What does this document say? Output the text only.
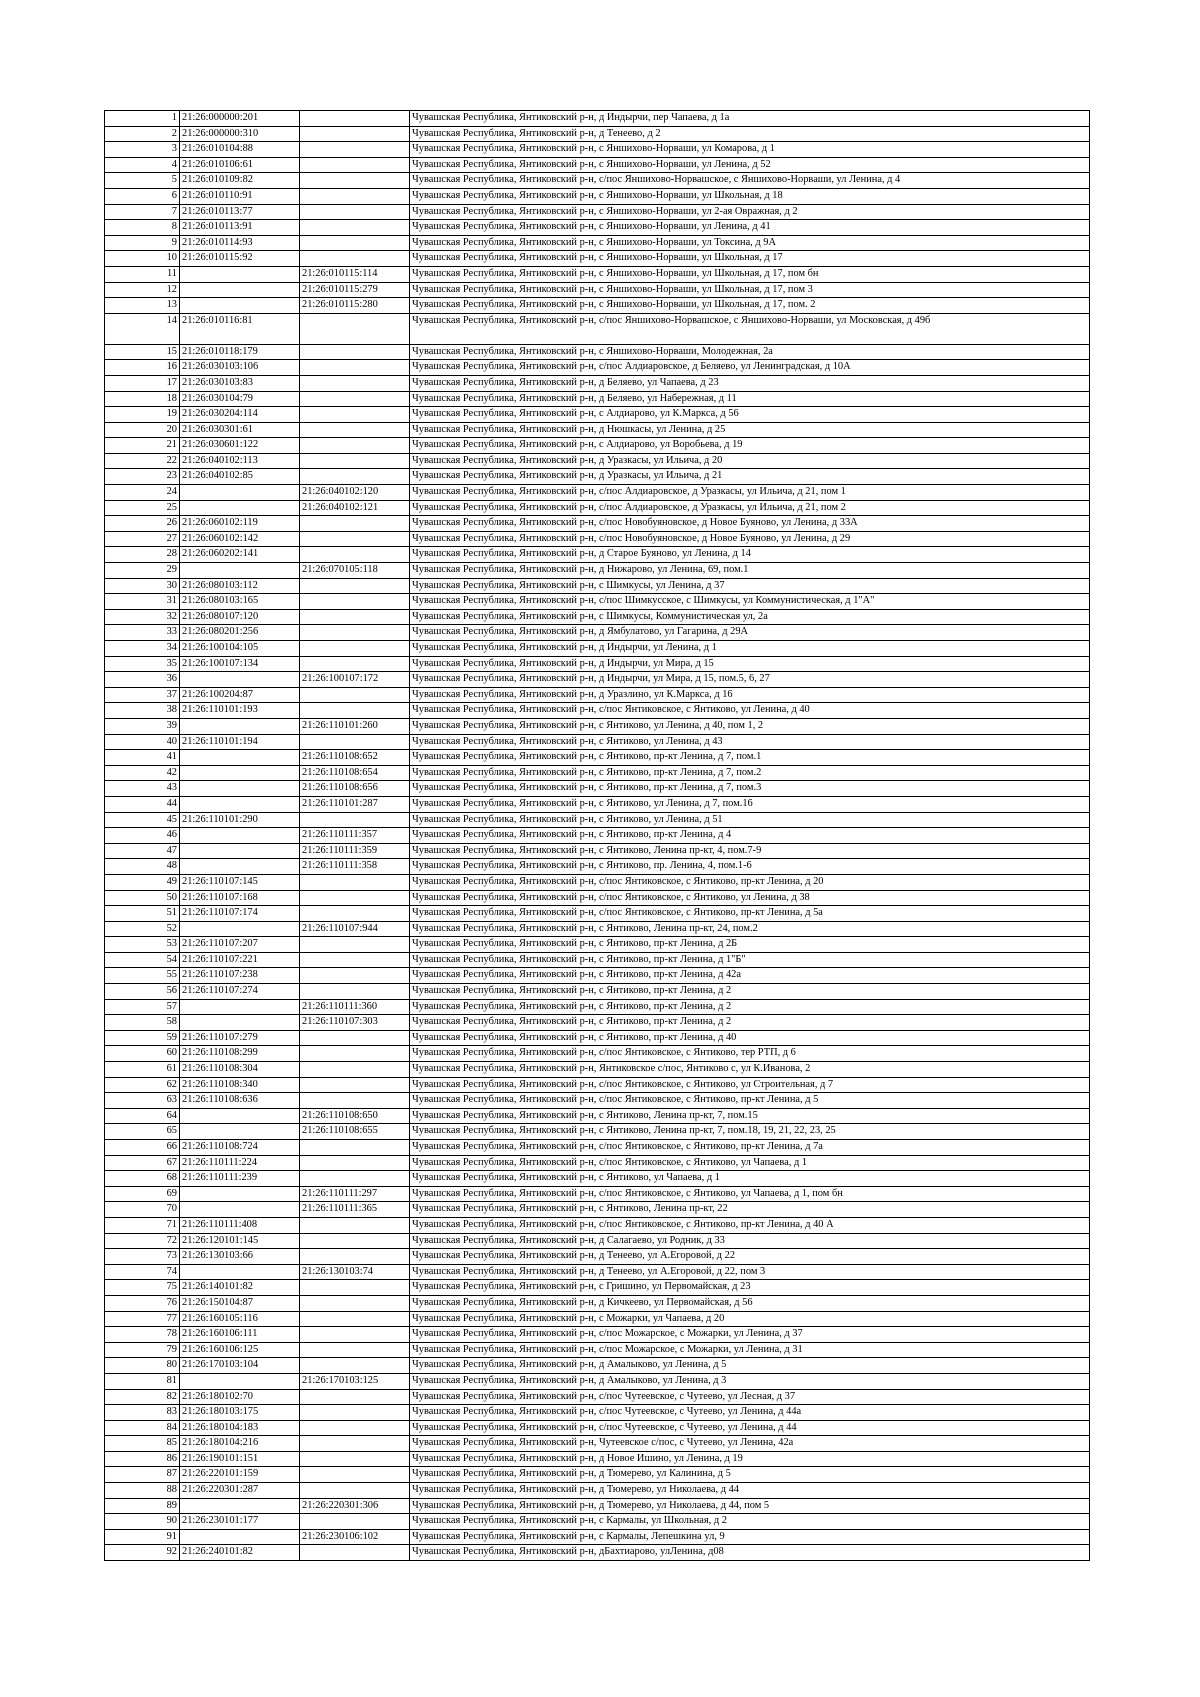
1	21:26:000000:201		Чувашская Республика, Янтиковский р-н, д Индырчи, пер Чапаева, д 1а
2	21:26:000000:310		Чувашская Республика, Янтиковский р-н, д Тенеево, д 2
3	21:26:010104:88		Чувашская Республика, Янтиковский р-н, с Яншихово-Норваши, ул Комарова, д 1
4	21:26:010106:61		Чувашская Республика, Янтиковский р-н, с Яншихово-Норваши, ул Ленина, д 52
5	21:26:010109:82		Чувашская Республика, Янтиковский р-н, с/пос Яншихово-Норвашское, с Яншихово-Норваши, ул Ленина, д 4
6	21:26:010110:91		Чувашская Республика, Янтиковский р-н, с Яншихово-Норваши, ул Школьная, д 18
7	21:26:010113:77		Чувашская Республика, Янтиковский р-н, с Яншихово-Норваши, ул 2-ая Овражная, д 2
8	21:26:010113:91		Чувашская Республика, Янтиковский р-н, с Яншихово-Норваши, ул Ленина, д 41
9	21:26:010114:93		Чувашская Республика, Янтиковский р-н, с Яншихово-Норваши, ул Токсина, д 9А
10	21:26:010115:92		Чувашская Республика, Янтиковский р-н, с Яншихово-Норваши, ул Школьная, д 17
11		21:26:010115:114	Чувашская Республика, Янтиковский р-н, с Яншихово-Норваши, ул Школьная, д 17, пом бн
12		21:26:010115:279	Чувашская Республика, Янтиковский р-н, с Яншихово-Норваши, ул Школьная, д 17, пом 3
13		21:26:010115:280	Чувашская Республика, Янтиковский р-н, с Яншихово-Норваши, ул Школьная, д 17, пом. 2
14	21:26:010116:81		Чувашская Республика, Янтиковский р-н, с/пос Яншихово-Норвашское, с Яншихово-Норваши, ул Московская, д 49б
15	21:26:010118:179		Чувашская Республика, Янтиковский р-н, с Яншихово-Норваши, Молодежная, 2а
16	21:26:030103:106		Чувашская Республика, Янтиковский р-н, с/пос Алдиаровское, д Беляево, ул Ленинградская, д 10А
17	21:26:030103:83		Чувашская Республика, Янтиковский р-н, д Беляево, ул Чапаева, д 23
18	21:26:030104:79		Чувашская Республика, Янтиковский р-н, д Беляево, ул Набережная, д 11
19	21:26:030204:114		Чувашская Республика, Янтиковский р-н, с Алдиарово, ул К.Маркса, д 56
20	21:26:030301:61		Чувашская Республика, Янтиковский р-н, д Нюшкасы, ул Ленина, д 25
21	21:26:030601:122		Чувашская Республика, Янтиковский р-н, с Алдиарово, ул Воробьева, д 19
22	21:26:040102:113		Чувашская Республика, Янтиковский р-н, д Уразкасы, ул Ильича, д 20
23	21:26:040102:85		Чувашская Республика, Янтиковский р-н, д Уразкасы, ул Ильича, д 21
24		21:26:040102:120	Чувашская Республика, Янтиковский р-н, с/пос Алдиаровское, д Уразкасы, ул Ильича, д 21, пом 1
25		21:26:040102:121	Чувашская Республика, Янтиковский р-н, с/пос Алдиаровское, д Уразкасы, ул Ильича, д 21, пом 2
26	21:26:060102:119		Чувашская Республика, Янтиковский р-н, с/пос Новобуяновское, д Новое Буяново, ул Ленина, д 33А
27	21:26:060102:142		Чувашская Республика, Янтиковский р-н, с/пос Новобуяновское, д Новое Буяново, ул Ленина, д 29
28	21:26:060202:141		Чувашская Республика, Янтиковский р-н, д Старое Буяново, ул Ленина, д 14
29		21:26:070105:118	Чувашская Республика, Янтиковский р-н, д Нижарово, ул Ленина, 69, пом.1
30	21:26:080103:112		Чувашская Республика, Янтиковский р-н, с Шимкусы, ул Ленина, д 37
31	21:26:080103:165		Чувашская Республика, Янтиковский р-н, с/пос Шимкусское, с Шимкусы, ул Коммунистическая, д 1"А"
32	21:26:080107:120		Чувашская Республика, Янтиковский р-н, с Шимкусы, Коммунистическая ул, 2а
33	21:26:080201:256		Чувашская Республика, Янтиковский р-н, д Ямбулатово, ул Гагарина, д 29А
34	21:26:100104:105		Чувашская Республика, Янтиковский р-н, д Индырчи, ул Ленина, д 1
35	21:26:100107:134		Чувашская Республика, Янтиковский р-н, д Индырчи, ул Мира, д 15
36		21:26:100107:172	Чувашская Республика, Янтиковский р-н, д Индырчи, ул Мира, д 15, пом.5, 6, 27
37	21:26:100204:87		Чувашская Республика, Янтиковский р-н, д Уразлино, ул К.Маркса, д 16
38	21:26:110101:193		Чувашская Республика, Янтиковский р-н, с/пос Янтиковское, с Янтиково, ул Ленина, д 40
39		21:26:110101:260	Чувашская Республика, Янтиковский р-н, с Янтиково, ул Ленина, д 40, пом 1, 2
40	21:26:110101:194		Чувашская Республика, Янтиковский р-н, с Янтиково, ул Ленина, д 43
41		21:26:110108:652	Чувашская Республика, Янтиковский р-н, с Янтиково, пр-кт Ленина, д 7, пом.1
42		21:26:110108:654	Чувашская Республика, Янтиковский р-н, с Янтиково, пр-кт Ленина, д 7, пом.2
43		21:26:110108:656	Чувашская Республика, Янтиковский р-н, с Янтиково, пр-кт Ленина, д 7, пом.3
44		21:26:110101:287	Чувашская Республика, Янтиковский р-н, с Янтиково, ул Ленина, д 7, пом.16
45	21:26:110101:290		Чувашская Республика, Янтиковский р-н, с Янтиково, ул Ленина, д 51
46		21:26:110111:357	Чувашская Республика, Янтиковский р-н, с Янтиково, пр-кт Ленина, д 4
47		21:26:110111:359	Чувашская Республика, Янтиковский р-н, с Янтиково, Ленина пр-кт, 4, пом.7-9
48		21:26:110111:358	Чувашская Республика, Янтиковский р-н, с Янтиково, пр. Ленина, 4, пом.1-6
49	21:26:110107:145		Чувашская Республика, Янтиковский р-н, с/пос Янтиковское, с Янтиково, пр-кт Ленина, д 20
50	21:26:110107:168		Чувашская Республика, Янтиковский р-н, с/пос Янтиковское, с Янтиково, ул Ленина, д 38
51	21:26:110107:174		Чувашская Республика, Янтиковский р-н, с/пос Янтиковское, с Янтиково, пр-кт Ленина, д 5а
52		21:26:110107:944	Чувашская Республика, Янтиковский р-н, с Янтиково, Ленина пр-кт, 24, пом.2
53	21:26:110107:207		Чувашская Республика, Янтиковский р-н, с Янтиково, пр-кт Ленина, д 2Б
54	21:26:110107:221		Чувашская Республика, Янтиковский р-н, с Янтиково, пр-кт Ленина, д 1"Б"
55	21:26:110107:238		Чувашская Республика, Янтиковский р-н, с Янтиково, пр-кт Ленина, д 42а
56	21:26:110107:274		Чувашская Республика, Янтиковский р-н, с Янтиково, пр-кт Ленина, д 2
57		21:26:110111:360	Чувашская Республика, Янтиковский р-н, с Янтиково, пр-кт Ленина, д 2
58		21:26:110107:303	Чувашская Республика, Янтиковский р-н, с Янтиково, пр-кт Ленина, д 2
59	21:26:110107:279		Чувашская Республика, Янтиковский р-н, с Янтиково, пр-кт Ленина, д 40
60	21:26:110108:299		Чувашская Республика, Янтиковский р-н, с/пос Янтиковское, с Янтиково, тер РТП, д 6
61	21:26:110108:304		Чувашская Республика, Янтиковский р-н, Янтиковское с/пос, Янтиково с, ул К.Иванова, 2
62	21:26:110108:340		Чувашская Республика, Янтиковский р-н, с/пос Янтиковское, с Янтиково, ул Строительная, д 7
63	21:26:110108:636		Чувашская Республика, Янтиковский р-н, с/пос Янтиковское, с Янтиково, пр-кт Ленина, д 5
64		21:26:110108:650	Чувашская Республика, Янтиковский р-н, с Янтиково, Ленина пр-кт, 7, пом.15
65		21:26:110108:655	Чувашская Республика, Янтиковский р-н, с Янтиково, Ленина пр-кт, 7, пом.18, 19, 21, 22, 23, 25
66	21:26:110108:724		Чувашская Республика, Янтиковский р-н, с/пос Янтиковское, с Янтиково, пр-кт Ленина, д 7а
67	21:26:110111:224		Чувашская Республика, Янтиковский р-н, с/пос Янтиковское, с Янтиково, ул Чапаева, д 1
68	21:26:110111:239		Чувашская Республика, Янтиковский р-н, с Янтиково, ул Чапаева, д 1
69		21:26:110111:297	Чувашская Республика, Янтиковский р-н, с/пос Янтиковское, с Янтиково, ул Чапаева, д 1, пом бн
70		21:26:110111:365	Чувашская Республика, Янтиковский р-н, с Янтиково, Ленина пр-кт, 22
71	21:26:110111:408		Чувашская Республика, Янтиковский р-н, с/пос Янтиковское, с Янтиково, пр-кт Ленина, д 40 А
72	21:26:120101:145		Чувашская Республика, Янтиковский р-н, д Салагаево, ул Родник, д 33
73	21:26:130103:66		Чувашская Республика, Янтиковский р-н, д Тенеево, ул А.Егоровой, д 22
74		21:26:130103:74	Чувашская Республика, Янтиковский р-н, д Тенеево, ул А.Егоровой, д 22, пом 3
75	21:26:140101:82		Чувашская Республика, Янтиковский р-н, с Гришино, ул Первомайская, д 23
76	21:26:150104:87		Чувашская Республика, Янтиковский р-н, д Кичкеево, ул Первомайская, д 56
77	21:26:160105:116		Чувашская Республика, Янтиковский р-н, с Можарки, ул Чапаева, д 20
78	21:26:160106:111		Чувашская Республика, Янтиковский р-н, с/пос Можарское, с Можарки, ул Ленина, д 37
79	21:26:160106:125		Чувашская Республика, Янтиковский р-н, с/пос Можарское, с Можарки, ул Ленина, д 31
80	21:26:170103:104		Чувашская Республика, Янтиковский р-н, д Амалыково, ул Ленина, д 5
81		21:26:170103:125	Чувашская Республика, Янтиковский р-н, д Амалыково, ул Ленина, д 3
82	21:26:180102:70		Чувашская Республика, Янтиковский р-н, с/пос Чутеевское, с Чутеево, ул Лесная, д 37
83	21:26:180103:175		Чувашская Республика, Янтиковский р-н, с/пос Чутеевское, с Чутеево, ул Ленина, д 44а
84	21:26:180104:183		Чувашская Республика, Янтиковский р-н, с/пос Чутеевское, с Чутеево, ул Ленина, д 44
85	21:26:180104:216		Чувашская Республика, Янтиковский р-н, Чутеевское с/пос, с Чутеево, ул Ленина, 42а
86	21:26:190101:151		Чувашская Республика, Янтиковский р-н, д Новое Ишино, ул Ленина, д 19
87	21:26:220101:159		Чувашская Республика, Янтиковский р-н, д Тюмерево, ул Калинина, д 5
88	21:26:220301:287		Чувашская Республика, Янтиковский р-н, д Тюмерево, ул Николаева, д 44
89		21:26:220301:306	Чувашская Республика, Янтиковский р-н, д Тюмерево, ул Николаева, д 44, пом 5
90	21:26:230101:177		Чувашская Республика, Янтиковский р-н, с Кармалы, ул Школьная, д 2
91		21:26:230106:102	Чувашская Республика, Янтиковский р-н, с Кармалы, Лепешкина ул, 9
92	21:26:240101:82		Чувашская Республика, Янтиковский р-н, дБахтиарово, улЛенина, д08
